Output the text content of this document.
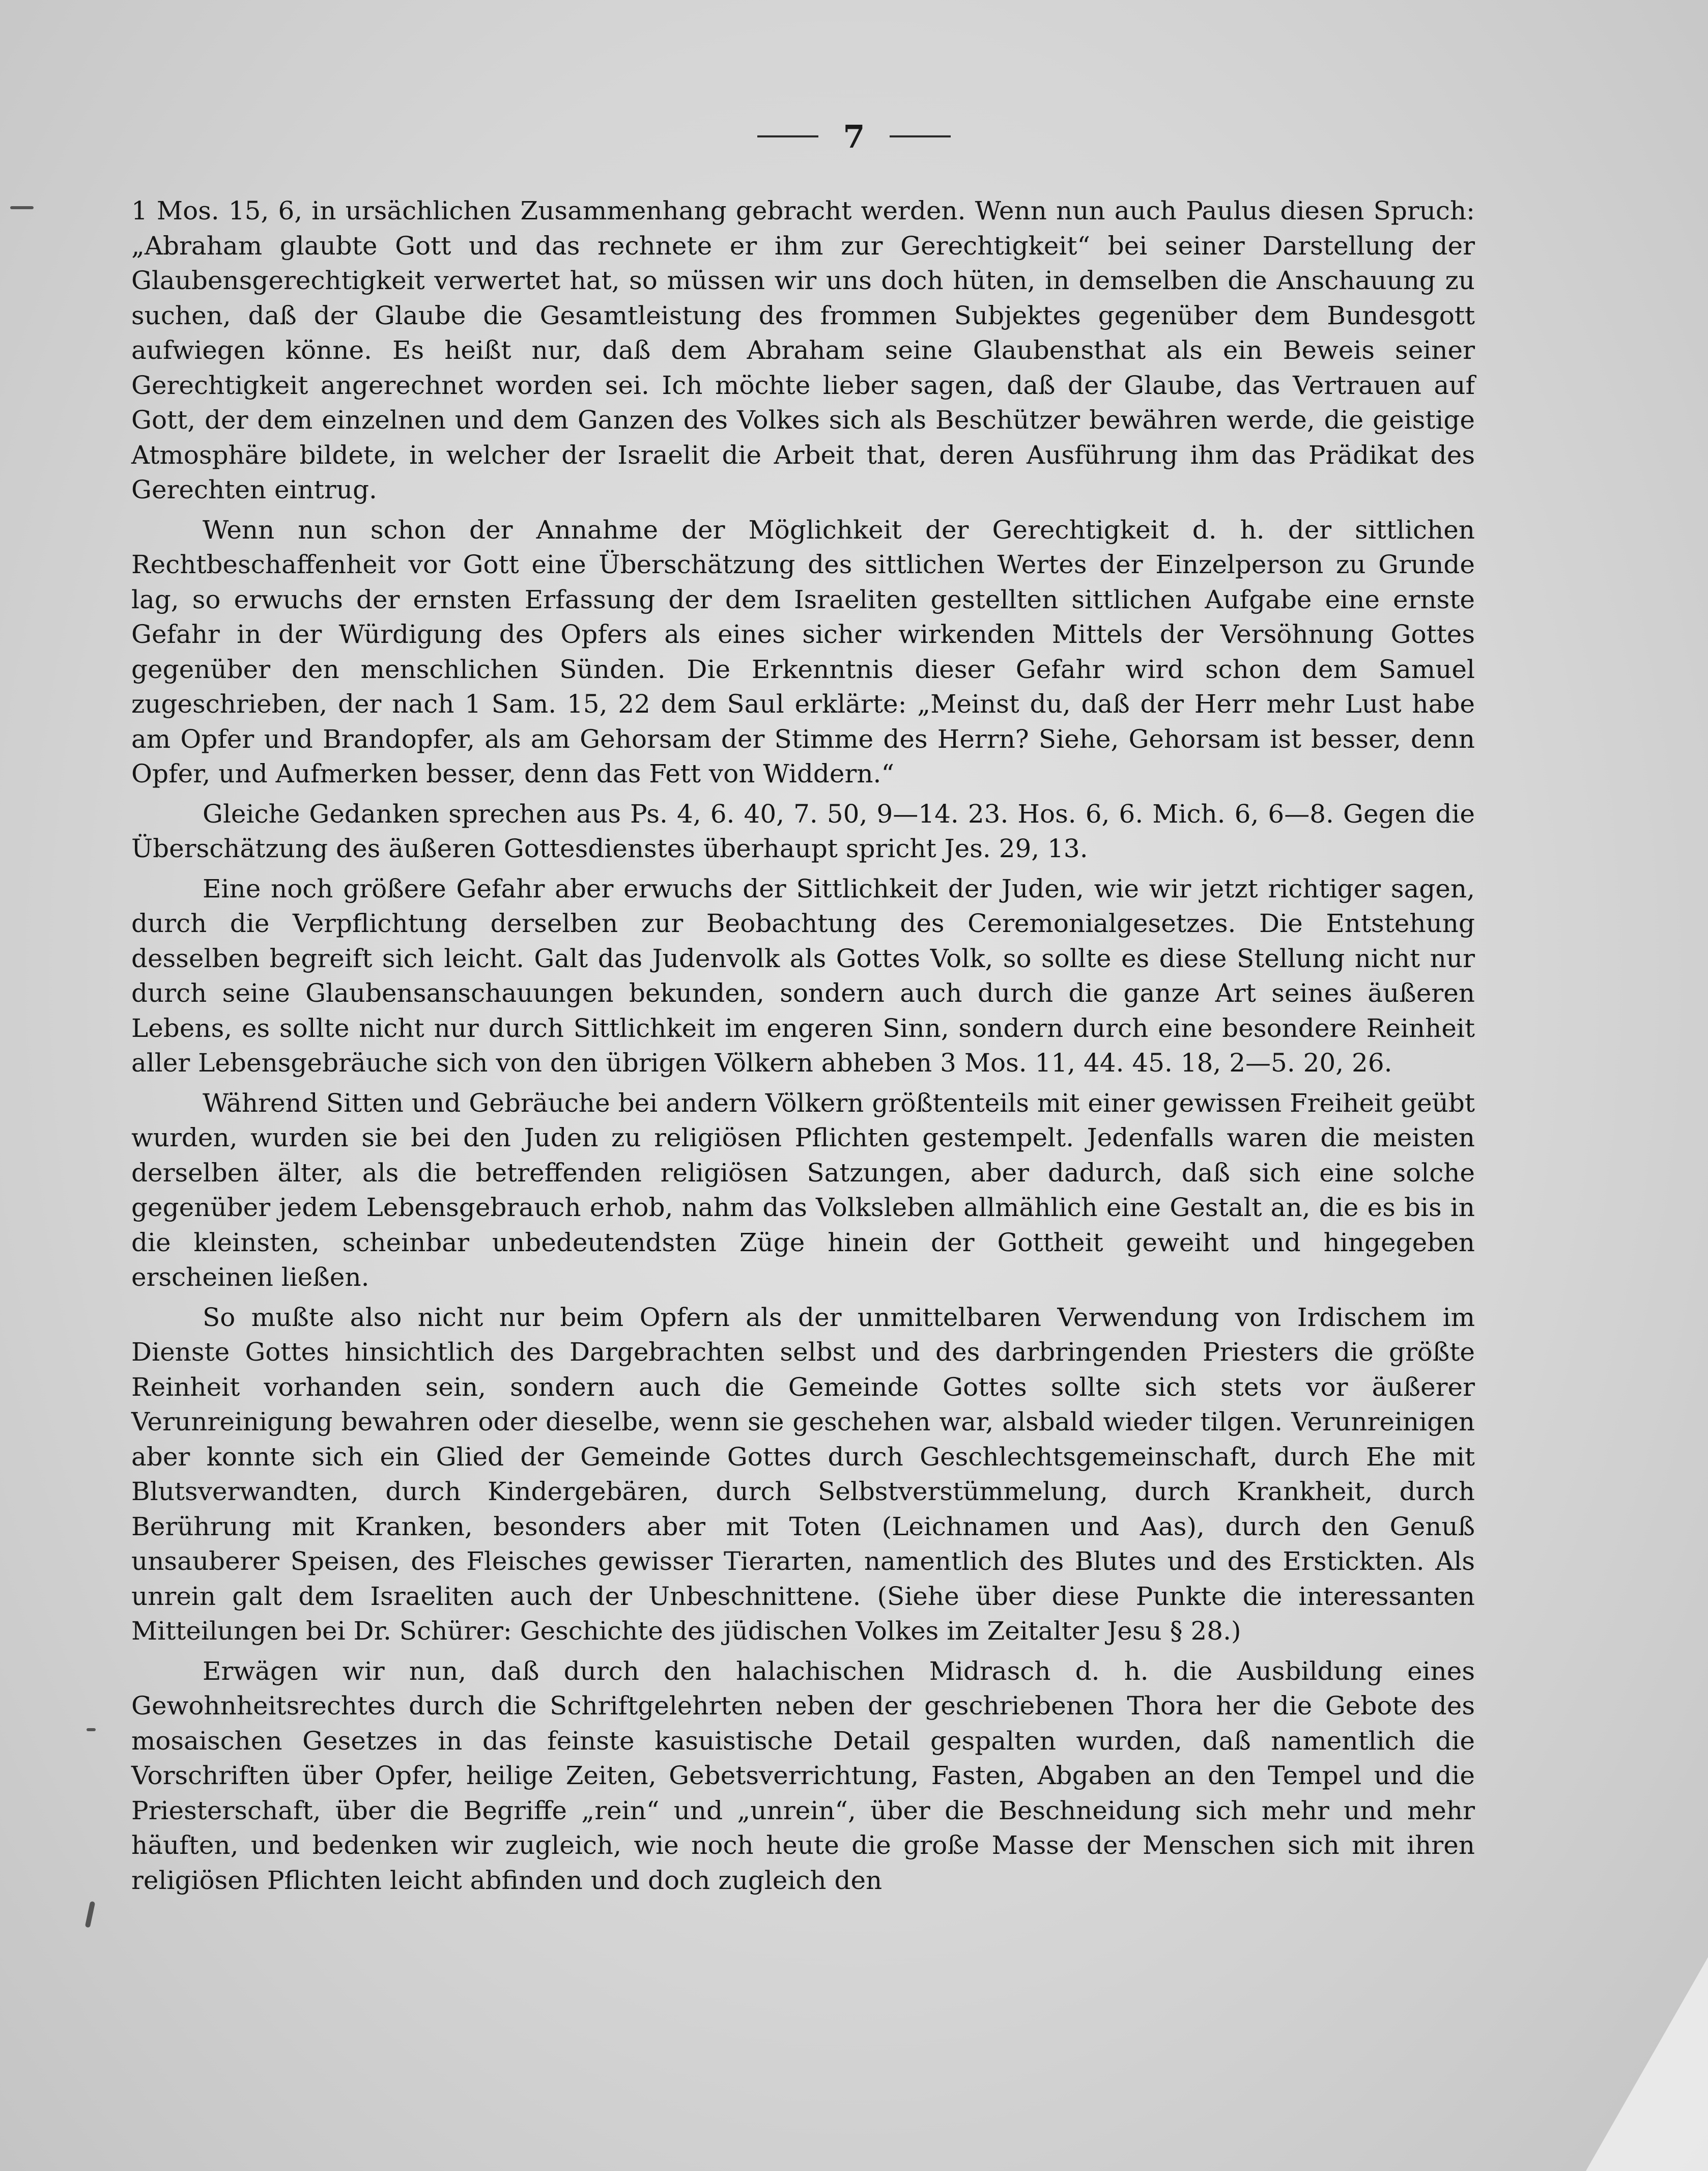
7

1 Mos. 15, 6, in ursächlichen Zusammenhang gebracht werden. Wenn nun auch Paulus diesen Spruch: „Abraham glaubte Gott und das rechnete er ihm zur Gerechtigkeit“ bei seiner Darstellung der Glaubensgerechtigkeit verwertet hat, so müssen wir uns doch hüten, in demselben die Anschauung zu suchen, daß der Glaube die Gesamtleistung des frommen Subjektes gegenüber dem Bundesgott aufwiegen könne. Es heißt nur, daß dem Abraham seine Glaubensthat als ein Beweis seiner Gerechtigkeit angerechnet worden sei. Ich möchte lieber sagen, daß der Glaube, das Vertrauen auf Gott, der dem einzelnen und dem Ganzen des Volkes sich als Beschützer bewähren werde, die geistige Atmosphäre bildete, in welcher der Israelit die Arbeit that, deren Ausführung ihm das Prädikat des Gerechten eintrug.

Wenn nun schon der Annahme der Möglichkeit der Gerechtigkeit d. h. der sittlichen Rechtbeschaffenheit vor Gott eine Überschätzung des sittlichen Wertes der Einzelperson zu Grunde lag, so erwuchs der ernsten Erfassung der dem Israeliten gestellten sittlichen Aufgabe eine ernste Gefahr in der Würdigung des Opfers als eines sicher wirkenden Mittels der Versöhnung Gottes gegenüber den menschlichen Sünden. Die Erkenntnis dieser Gefahr wird schon dem Samuel zugeschrieben, der nach 1 Sam. 15, 22 dem Saul erklärte: „Meinst du, daß der Herr mehr Lust habe am Opfer und Brandopfer, als am Gehorsam der Stimme des Herrn? Siehe, Gehorsam ist besser, denn Opfer, und Aufmerken besser, denn das Fett von Widdern.“

Gleiche Gedanken sprechen aus Ps. 4, 6. 40, 7. 50, 9—14. 23. Hos. 6, 6. Mich. 6, 6—8. Gegen die Überschätzung des äußeren Gottesdienstes überhaupt spricht Jes. 29, 13.

Eine noch größere Gefahr aber erwuchs der Sittlichkeit der Juden, wie wir jetzt richtiger sagen, durch die Verpflichtung derselben zur Beobachtung des Ceremonialgesetzes. Die Entstehung desselben begreift sich leicht. Galt das Judenvolk als Gottes Volk, so sollte es diese Stellung nicht nur durch seine Glaubensanschauungen bekunden, sondern auch durch die ganze Art seines äußeren Lebens, es sollte nicht nur durch Sittlichkeit im engeren Sinn, sondern durch eine besondere Reinheit aller Lebensgebräuche sich von den übrigen Völkern abheben 3 Mos. 11, 44. 45. 18, 2—5. 20, 26.

Während Sitten und Gebräuche bei andern Völkern größtenteils mit einer gewissen Freiheit geübt wurden, wurden sie bei den Juden zu religiösen Pflichten gestempelt. Jedenfalls waren die meisten derselben älter, als die betreffenden religiösen Satzungen, aber dadurch, daß sich eine solche gegenüber jedem Lebensgebrauch erhob, nahm das Volksleben allmählich eine Gestalt an, die es bis in die kleinsten, scheinbar unbedeutendsten Züge hinein der Gottheit geweiht und hingegeben erscheinen ließen.

So mußte also nicht nur beim Opfern als der unmittelbaren Verwendung von Irdischem im Dienste Gottes hinsichtlich des Dargebrachten selbst und des darbringenden Priesters die größte Reinheit vorhanden sein, sondern auch die Gemeinde Gottes sollte sich stets vor äußerer Verunreinigung bewahren oder dieselbe, wenn sie geschehen war, alsbald wieder tilgen. Verunreinigen aber konnte sich ein Glied der Gemeinde Gottes durch Geschlechtsgemeinschaft, durch Ehe mit Blutsverwandten, durch Kindergebären, durch Selbstverstümmelung, durch Krankheit, durch Berührung mit Kranken, besonders aber mit Toten (Leichnamen und Aas), durch den Genuß unsauberer Speisen, des Fleisches gewisser Tierarten, namentlich des Blutes und des Erstickten. Als unrein galt dem Israeliten auch der Unbeschnittene. (Siehe über diese Punkte die interessanten Mitteilungen bei Dr. Schürer: Geschichte des jüdischen Volkes im Zeitalter Jesu § 28.)

Erwägen wir nun, daß durch den halachischen Midrasch d. h. die Ausbildung eines Gewohnheitsrechtes durch die Schriftgelehrten neben der geschriebenen Thora her die Gebote des mosaischen Gesetzes in das feinste kasuistische Detail gespalten wurden, daß namentlich die Vorschriften über Opfer, heilige Zeiten, Gebetsverrichtung, Fasten, Abgaben an den Tempel und die Priesterschaft, über die Begriffe „rein“ und „unrein“, über die Beschneidung sich mehr und mehr häuften, und bedenken wir zugleich, wie noch heute die große Masse der Menschen sich mit ihren religiösen Pflichten leicht abfinden und doch zugleich den
